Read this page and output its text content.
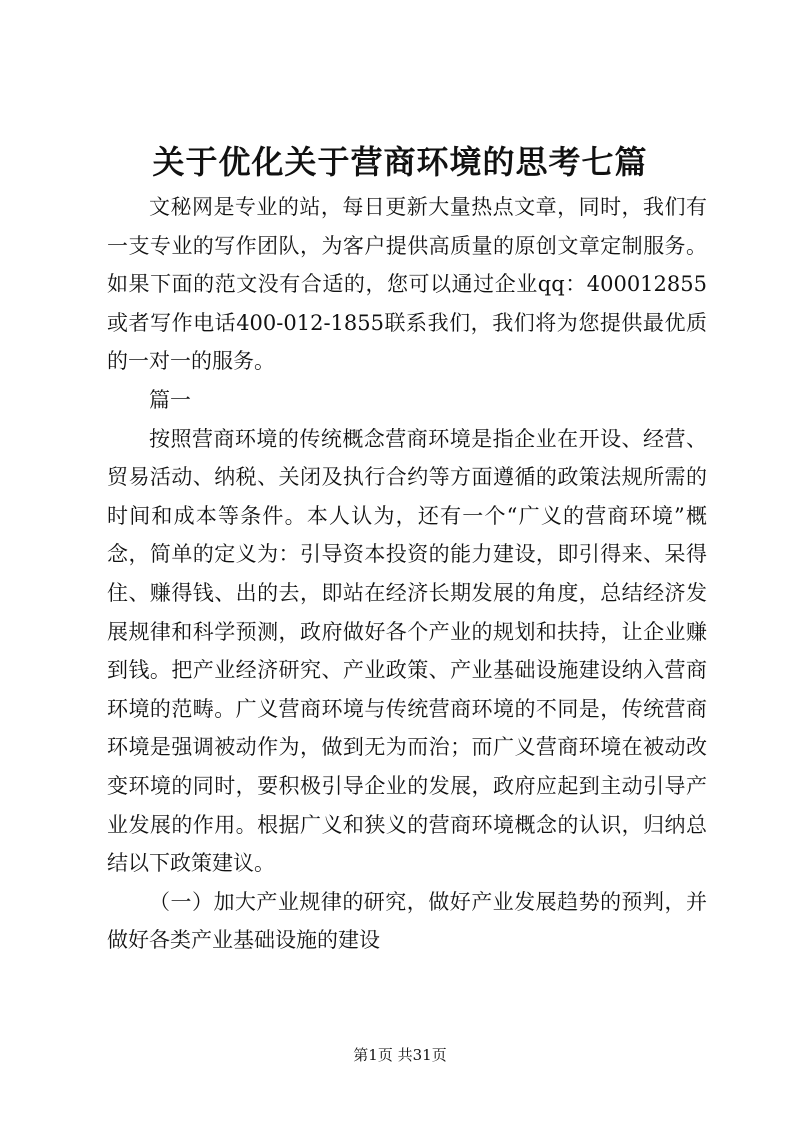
关于优化关于营商环境的思考七篇

文秘网是专业的站，每日更新大量热点文章，同时，我们有一支专业的写作团队，为客户提供高质量的原创文章定制服务。如果下面的范文没有合适的，您可以通过企业qq：400012855或者写作电话400-012-1855联系我们，我们将为您提供最优质的一对一的服务。

篇一

按照营商环境的传统概念营商环境是指企业在开设、经营、贸易活动、纳税、关闭及执行合约等方面遵循的政策法规所需的时间和成本等条件。本人认为，还有一个“广义的营商环境”概念，简单的定义为：引导资本投资的能力建设，即引得来、呆得住、赚得钱、出的去，即站在经济长期发展的角度，总结经济发展规律和科学预测，政府做好各个产业的规划和扶持，让企业赚到钱。把产业经济研究、产业政策、产业基础设施建设纳入营商环境的范畴。广义营商环境与传统营商环境的不同是，传统营商环境是强调被动作为，做到无为而治；而广义营商环境在被动改变环境的同时，要积极引导企业的发展，政府应起到主动引导产业发展的作用。根据广义和狭义的营商环境概念的认识，归纳总结以下政策建议。

（一）加大产业规律的研究，做好产业发展趋势的预判，并做好各类产业基础设施的建设

第1页 共31页
